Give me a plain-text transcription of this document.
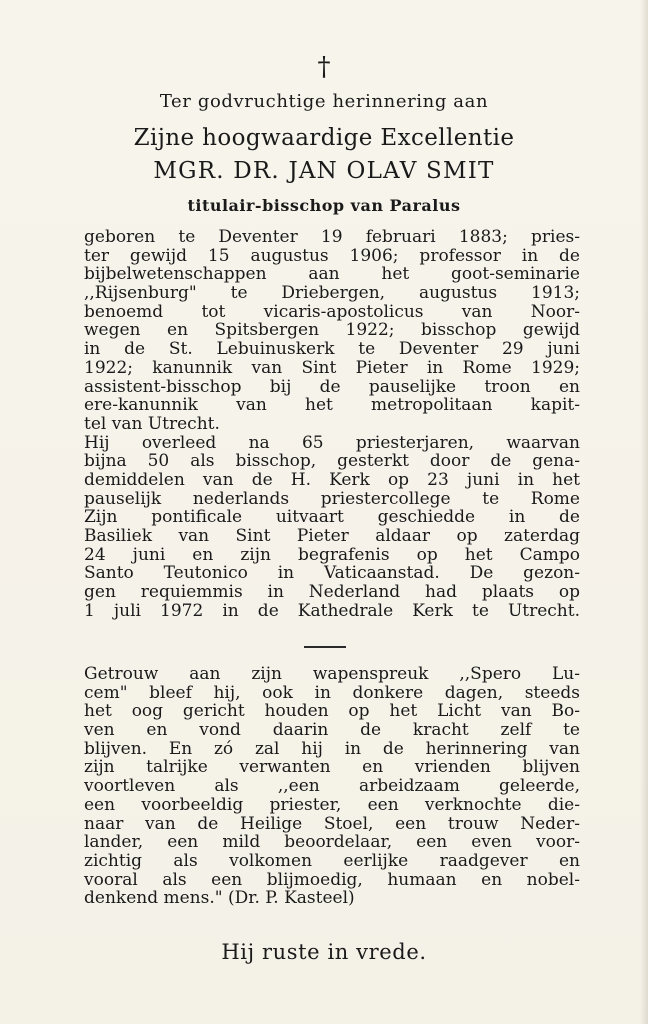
†
Ter godvruchtige herinnering aan
Zijne hoogwaardige Excellentie
MGR. DR. JAN OLAV SMIT
titulair-bisschop van Paralus
geboren te Deventer 19 februari 1883; pries-
ter gewijd 15 augustus 1906; professor in de
bijbelwetenschappen aan het goot-seminarie
,,Rijsenburg" te Driebergen, augustus 1913;
benoemd tot vicaris-apostolicus van Noor-
wegen en Spitsbergen 1922; bisschop gewijd
in de St. Lebuinuskerk te Deventer 29 juni
1922; kanunnik van Sint Pieter in Rome 1929;
assistent-bisschop bij de pauselijke troon en
ere-kanunnik van het metropolitaan kapit-
tel van Utrecht.
Hij overleed na 65 priesterjaren, waarvan
bijna 50 als bisschop, gesterkt door de gena-
demiddelen van de H. Kerk op 23 juni in het
pauselijk nederlands priestercollege te Rome
Zijn pontificale uitvaart geschiedde in de
Basiliek van Sint Pieter aldaar op zaterdag
24 juni en zijn begrafenis op het Campo
Santo Teutonico in Vaticaanstad. De gezon-
gen requiemmis in Nederland had plaats op
1 juli 1972 in de Kathedrale Kerk te Utrecht.
Getrouw aan zijn wapenspreuk ,,Spero Lu-
cem" bleef hij, ook in donkere dagen, steeds
het oog gericht houden op het Licht van Bo-
ven en vond daarin de kracht zelf te
blijven. En zó zal hij in de herinnering van
zijn talrijke verwanten en vrienden blijven
voortleven als ,,een arbeidzaam geleerde,
een voorbeeldig priester, een verknochte die-
naar van de Heilige Stoel, een trouw Neder-
lander, een mild beoordelaar, een even voor-
zichtig als volkomen eerlijke raadgever en
vooral als een blijmoedig, humaan en nobel-
denkend mens." (Dr. P. Kasteel)
Hij ruste in vrede.
